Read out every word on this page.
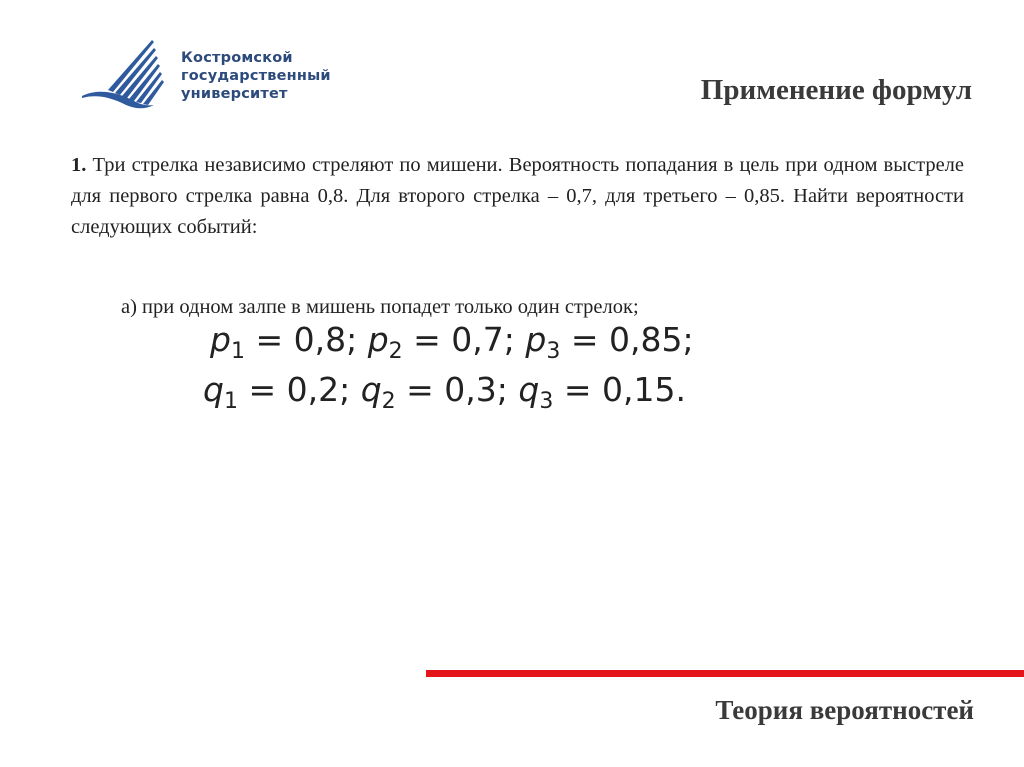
Костромской
государственный
университет	Применение формул
1. Три стрелка независимо стреляют по мишени. Вероятность попадания в цель при одном выстреле для первого стрелка равна 0,8. Для второго стрелка – 0,7, для третьего – 0,85. Найти вероятности следующих событий:
а) при одном залпе в мишень попадет только один стрелок;
$p_1 = 0,8$; $p_2 = 0,7$; $p_3 = 0,85$;
$q_1 = 0,2$; $q_2 = 0,3$; $q_3 = 0,15$.
Теория вероятностей
